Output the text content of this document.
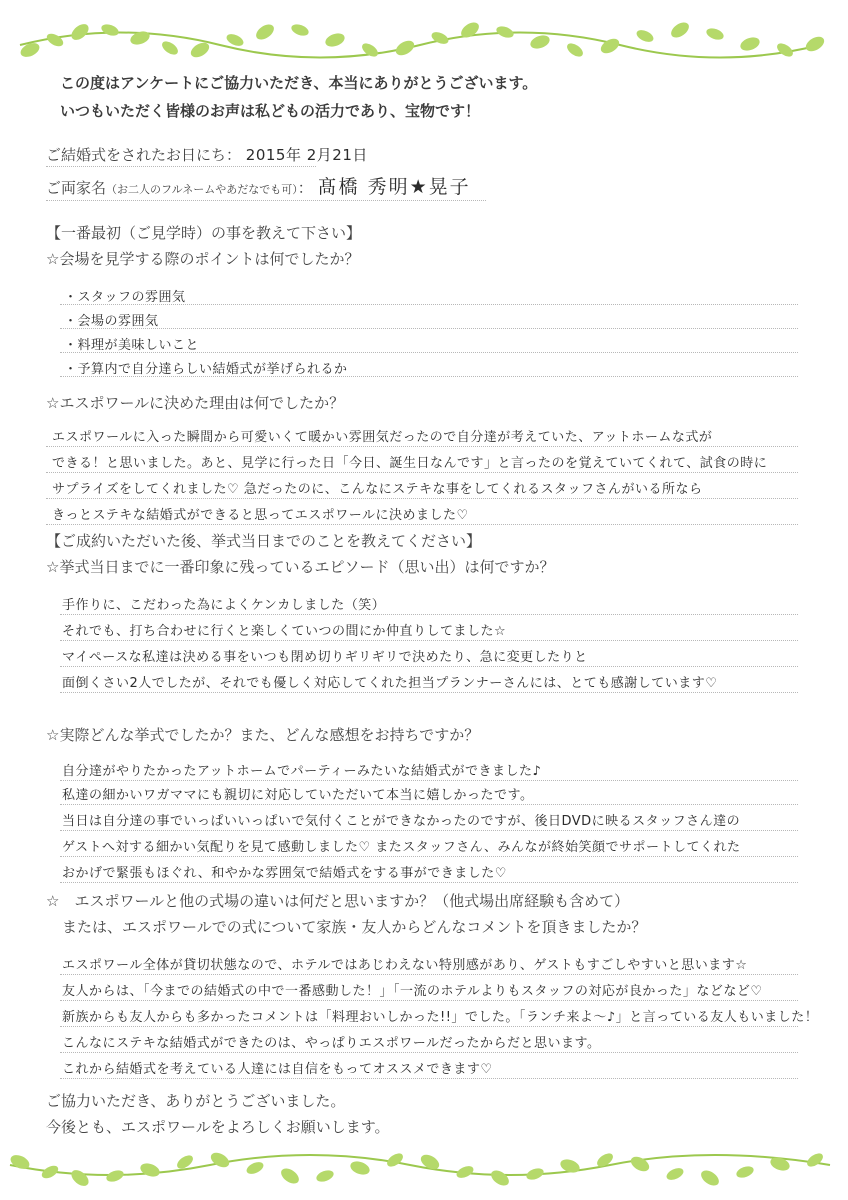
この度はアンケートにご協力いただき、本当にありがとうございます。
いつもいただく皆様のお声は私どもの活力であり、宝物です！
ご結婚式をされたお日にち： 2015年 2月21日
ご両家名（お二人のフルネームやあだなでも可）： 髙橋 秀明★晃子
【一番最初（ご見学時）の事を教えて下さい】
☆会場を見学する際のポイントは何でしたか？
・スタッフの雰囲気
・会場の雰囲気
・料理が美味しいこと
・予算内で自分達らしい結婚式が挙げられるか
☆エスポワールに決めた理由は何でしたか？
エスポワールに入った瞬間から可愛いくて暖かい雰囲気だったので自分達が考えていた、アットホームな式が
できる！と思いました。あと、見学に行った日「今日、誕生日なんです」と言ったのを覚えていてくれて、試食の時に
サプライズをしてくれました♡ 急だったのに、こんなにステキな事をしてくれるスタッフさんがいる所なら
きっとステキな結婚式ができると思ってエスポワールに決めました♡
【ご成約いただいた後、挙式当日までのことを教えてください】
☆挙式当日までに一番印象に残っているエピソード（思い出）は何ですか？
手作りに、こだわった為によくケンカしました（笑）
それでも、打ち合わせに行くと楽しくていつの間にか仲直りしてました☆
マイペースな私達は決める事をいつも閉め切りギリギリで決めたり、急に変更したりと
面倒くさい2人でしたが、それでも優しく対応してくれた担当プランナーさんには、とても感謝しています♡
☆実際どんな挙式でしたか？また、どんな感想をお持ちですか？
自分達がやりたかったアットホームでパーティーみたいな結婚式ができました♪
私達の細かいワガママにも親切に対応していただいて本当に嬉しかったです。
当日は自分達の事でいっぱいいっぱいで気付くことができなかったのですが、後日DVDに映るスタッフさん達の
ゲストへ対する細かい気配りを見て感動しました♡ またスタッフさん、みんなが終始笑顔でサポートしてくれた
おかげで緊張もほぐれ、和やかな雰囲気で結婚式をする事ができました♡
☆　エスポワールと他の式場の違いは何だと思いますか？（他式場出席経験も含めて）
または、エスポワールでの式について家族・友人からどんなコメントを頂きましたか？
エスポワール全体が貸切状態なので、ホテルではあじわえない特別感があり、ゲストもすごしやすいと思います☆
友人からは、「今までの結婚式の中で一番感動した！」「一流のホテルよりもスタッフの対応が良かった」などなど♡
新族からも友人からも多かったコメントは「料理おいしかった!!」でした。「ランチ来よ〜♪」と言っている友人もいました！
こんなにステキな結婚式ができたのは、やっぱりエスポワールだったからだと思います。
これから結婚式を考えている人達には自信をもってオススメできます♡
ご協力いただき、ありがとうございました。
今後とも、エスポワールをよろしくお願いします。
